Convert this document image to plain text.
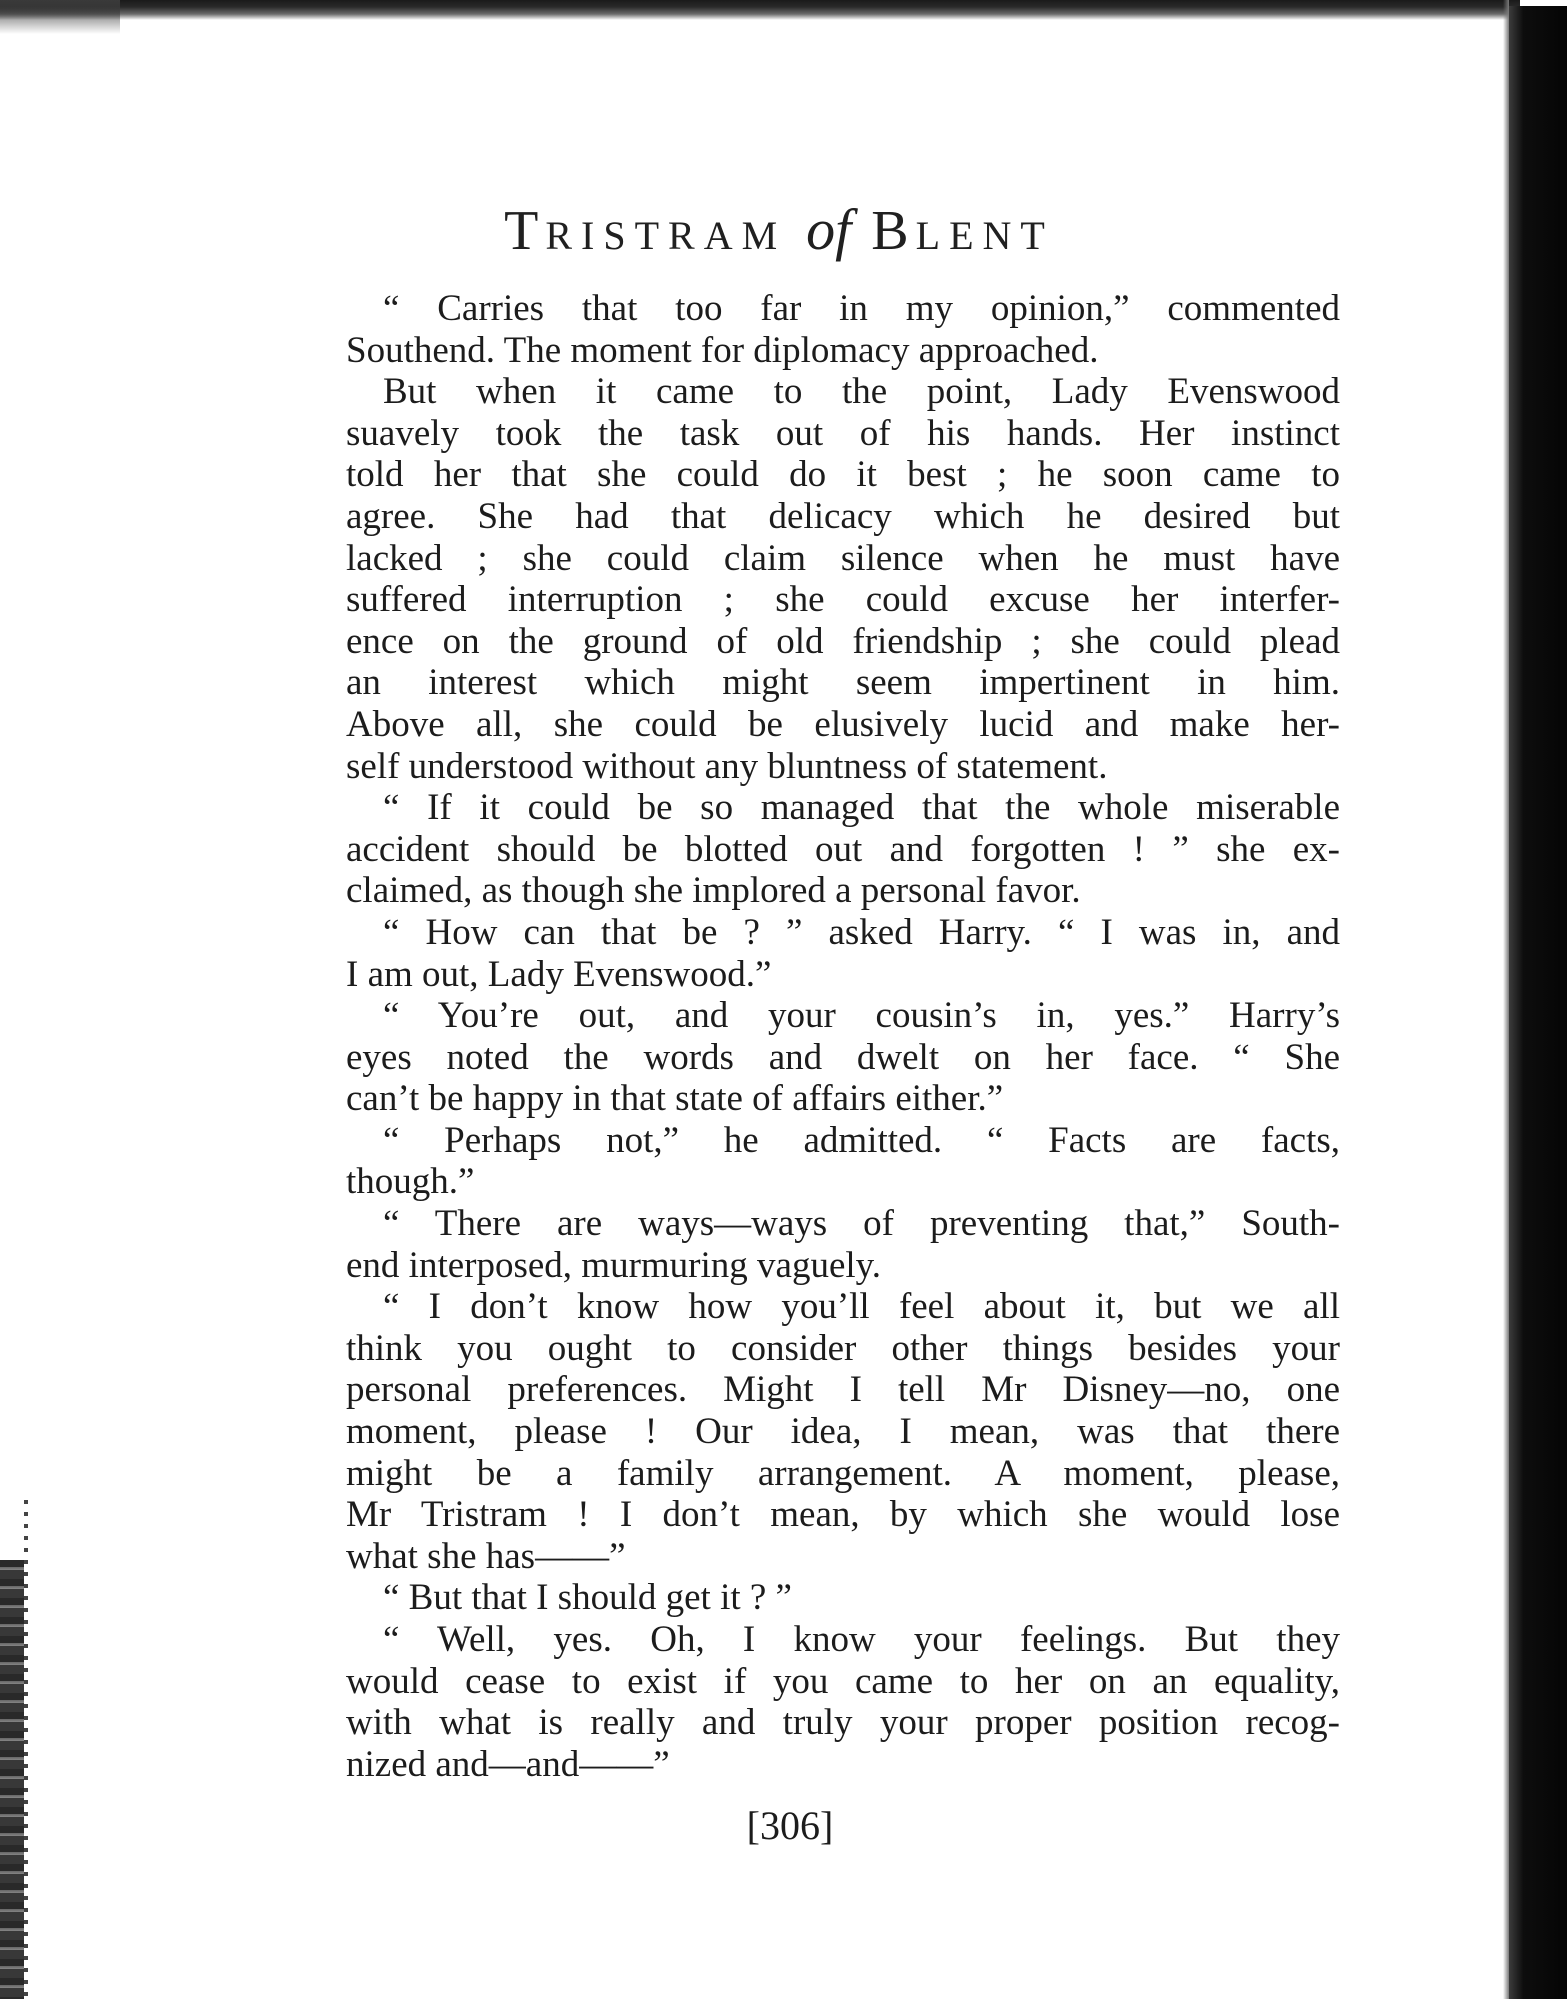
TRISTRAM of BLENT
“ Carries that too far in my opinion,” commented
Southend. The moment for diplomacy approached.
But when it came to the point, Lady Evenswood
suavely took the task out of his hands. Her instinct
told her that she could do it best ; he soon came to
agree. She had that delicacy which he desired but
lacked ; she could claim silence when he must have
suffered interruption ; she could excuse her interfer-
ence on the ground of old friendship ; she could plead
an interest which might seem impertinent in him.
Above all, she could be elusively lucid and make her-
self understood without any bluntness of statement.
“ If it could be so managed that the whole miserable
accident should be blotted out and forgotten ! ” she ex-
claimed, as though she implored a personal favor.
“ How can that be ? ” asked Harry. “ I was in, and
I am out, Lady Evenswood.”
“ You’re out, and your cousin’s in, yes.” Harry’s
eyes noted the words and dwelt on her face. “ She
can’t be happy in that state of affairs either.”
“ Perhaps not,” he admitted. “ Facts are facts,
though.”
“ There are ways—ways of preventing that,” South-
end interposed, murmuring vaguely.
“ I don’t know how you’ll feel about it, but we all
think you ought to consider other things besides your
personal preferences. Might I tell Mr Disney—no, one
moment, please ! Our idea, I mean, was that there
might be a family arrangement. A moment, please,
Mr Tristram ! I don’t mean, by which she would lose
what she has——”
“ But that I should get it ? ”
“ Well, yes. Oh, I know your feelings. But they
would cease to exist if you came to her on an equality,
with what is really and truly your proper position recog-
nized and—and——”
[306]
